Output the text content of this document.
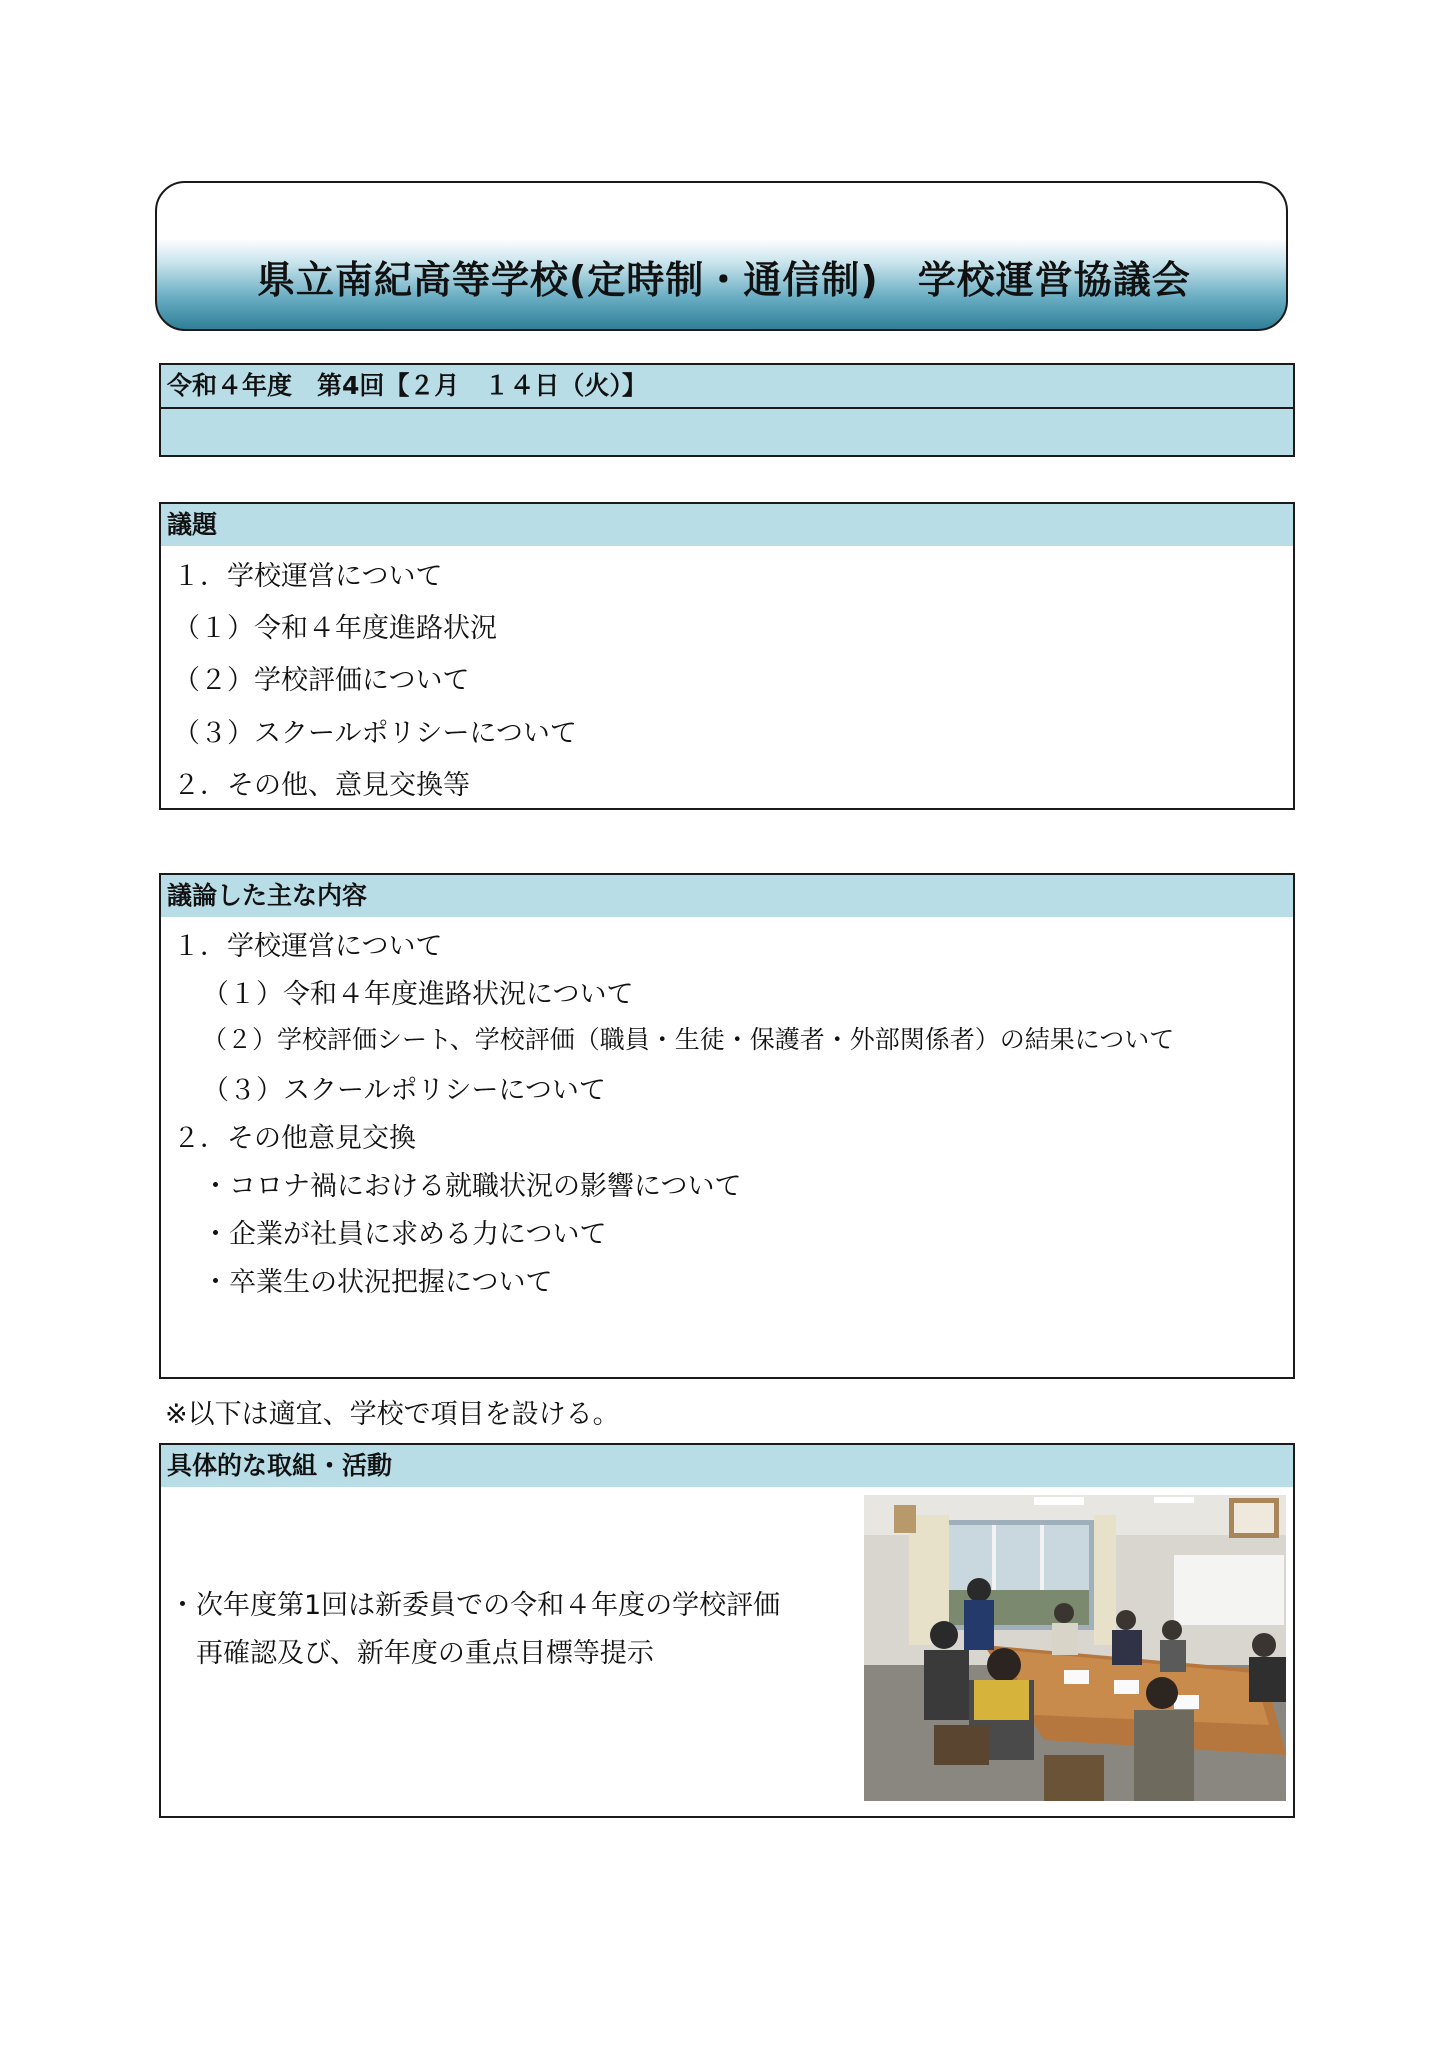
県立南紀高等学校(定時制・通信制)　学校運営協議会
令和４年度　第4回【２月　１４日（火）】
議題
１．学校運営について
（１）令和４年度進路状況
（２）学校評価について
（３）スクールポリシーについて
２．その他、意見交換等
議論した主な内容
１．学校運営について
（１）令和４年度進路状況について
（２）学校評価シート、学校評価（職員・生徒・保護者・外部関係者）の結果について
（３）スクールポリシーについて
２．その他意見交換
・コロナ禍における就職状況の影響について
・企業が社員に求める力について
・卒業生の状況把握について
※以下は適宜、学校で項目を設ける。
具体的な取組・活動
・次年度第1回は新委員での令和４年度の学校評価
再確認及び、新年度の重点目標等提示
